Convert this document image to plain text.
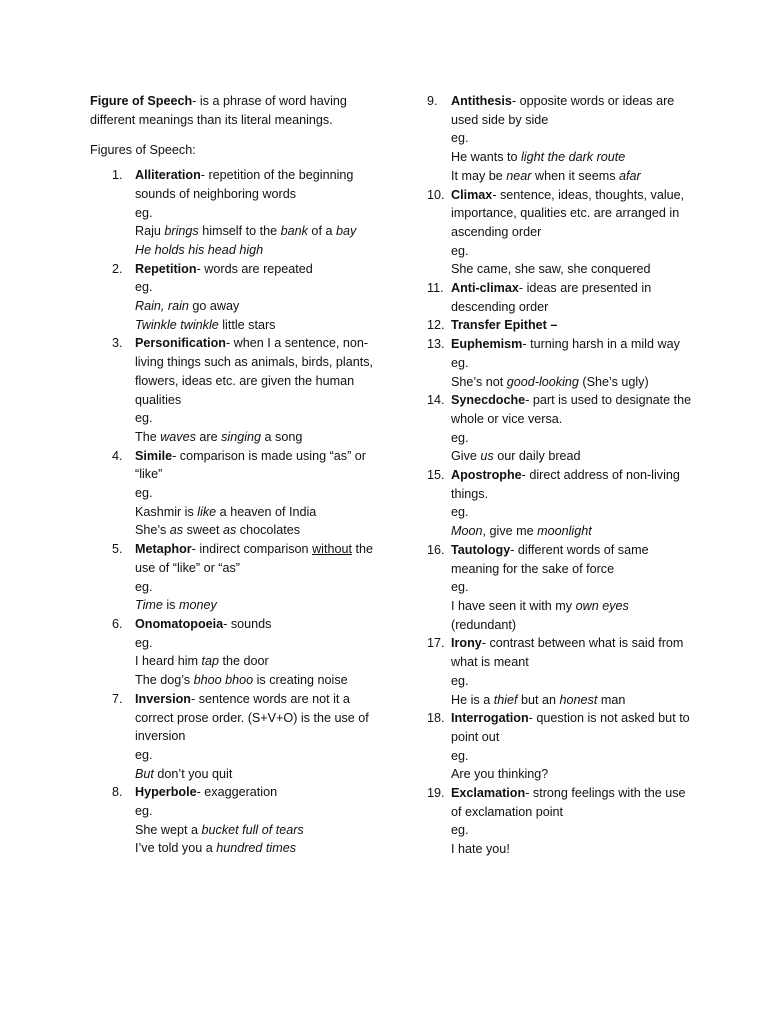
Figure of Speech- is a phrase of word having different meanings than its literal meanings.

Figures of Speech:

1. Alliteration- repetition of the beginning sounds of neighboring words
eg.
Raju brings himself to the bank of a bay
He holds his head high
2. Repetition- words are repeated
eg.
Rain, rain go away
Twinkle twinkle little stars
3. Personification- when I a sentence, non-living things such as animals, birds, plants, flowers, ideas etc. are given the human qualities
eg.
The waves are singing a song
4. Simile- comparison is made using “as” or “like”
eg.
Kashmir is like a heaven of India
She’s as sweet as chocolates
5. Metaphor- indirect comparison without the use of “like” or “as”
eg.
Time is money
6. Onomatopoeia- sounds
eg.
I heard him tap the door
The dog’s bhoo bhoo is creating noise
7. Inversion- sentence words are not it a correct prose order. (S+V+O) is the use of inversion
eg.
But don’t you quit
8. Hyperbole- exaggeration
eg.
She wept a bucket full of tears
I’ve told you a hundred times
9. Antithesis- opposite words or ideas are used side by side
eg.
He wants to light the dark route
It may be near when it seems afar
10. Climax- sentence, ideas, thoughts, value, importance, qualities etc. are arranged in ascending order
eg.
She came, she saw, she conquered
11. Anti-climax- ideas are presented in descending order
12. Transfer Epithet –
13. Euphemism- turning harsh in a mild way
eg.
She’s not good-looking (She’s ugly)
14. Synecdoche- part is used to designate the whole or vice versa.
eg.
Give us our daily bread
15. Apostrophe- direct address of non-living things.
eg.
Moon, give me moonlight
16. Tautology- different words of same meaning for the sake of force
eg.
I have seen it with my own eyes
(redundant)
17. Irony- contrast between what is said from what is meant
eg.
He is a thief but an honest man
18. Interrogation- question is not asked but to point out
eg.
Are you thinking?
19. Exclamation- strong feelings with the use of exclamation point
eg.
I hate you!
